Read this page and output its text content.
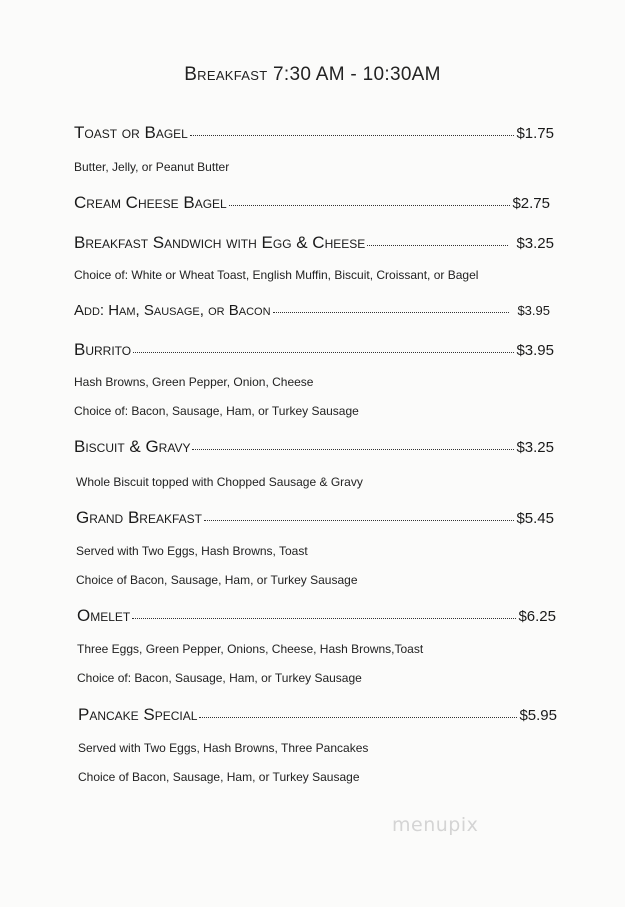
Breakfast 7:30 AM - 10:30AM
Toast or Bagel	$1.75
Butter, Jelly, or Peanut Butter
Cream Cheese Bagel	$2.75
Breakfast Sandwich with Egg & Cheese	$3.25
Choice of: White or Wheat Toast, English Muffin, Biscuit, Croissant, or Bagel
Add: Ham, Sausage, or Bacon	$3.95
Burrito	$3.95
Hash Browns, Green Pepper, Onion, Cheese
Choice of: Bacon, Sausage, Ham, or Turkey Sausage
Biscuit & Gravy	$3.25
Whole Biscuit topped with Chopped Sausage & Gravy
Grand Breakfast	$5.45
Served with Two Eggs, Hash Browns, Toast
Choice of Bacon, Sausage, Ham, or Turkey Sausage
Omelet	$6.25
Three Eggs, Green Pepper, Onions, Cheese, Hash Browns,Toast
Choice of: Bacon, Sausage, Ham, or Turkey Sausage
Pancake Special	$5.95
Served with Two Eggs, Hash Browns, Three Pancakes
Choice of Bacon, Sausage, Ham, or Turkey Sausage
menupix
